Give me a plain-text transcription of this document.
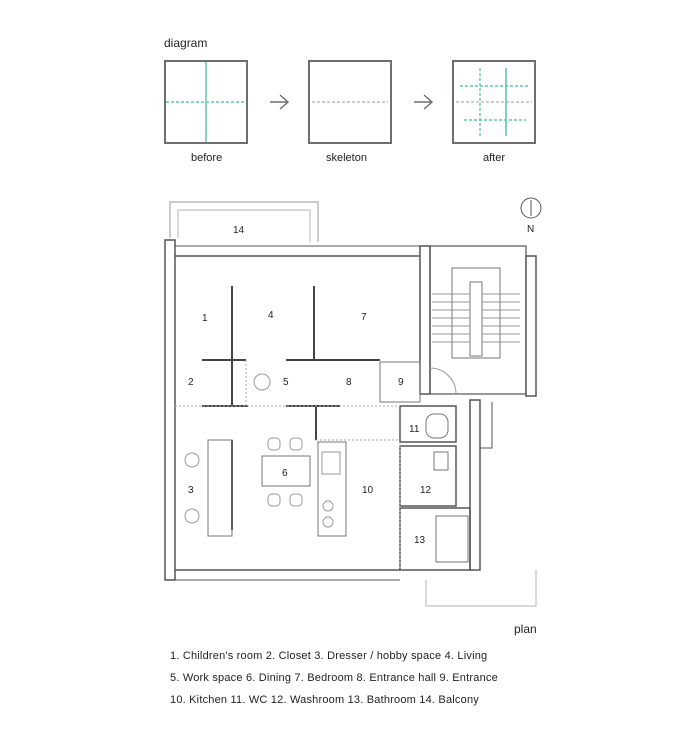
diagram
before	skeleton	after
N
1
2
3
4
5
6
7
8	9
10
11
12
13
14
plan
1. Children's room 2. Closet 3. Dresser / hobby space 4. Living
5. Work space 6. Dining 7. Bedroom 8. Entrance hall 9. Entrance
10. Kitchen 11. WC 12. Washroom 13. Bathroom 14. Balcony
